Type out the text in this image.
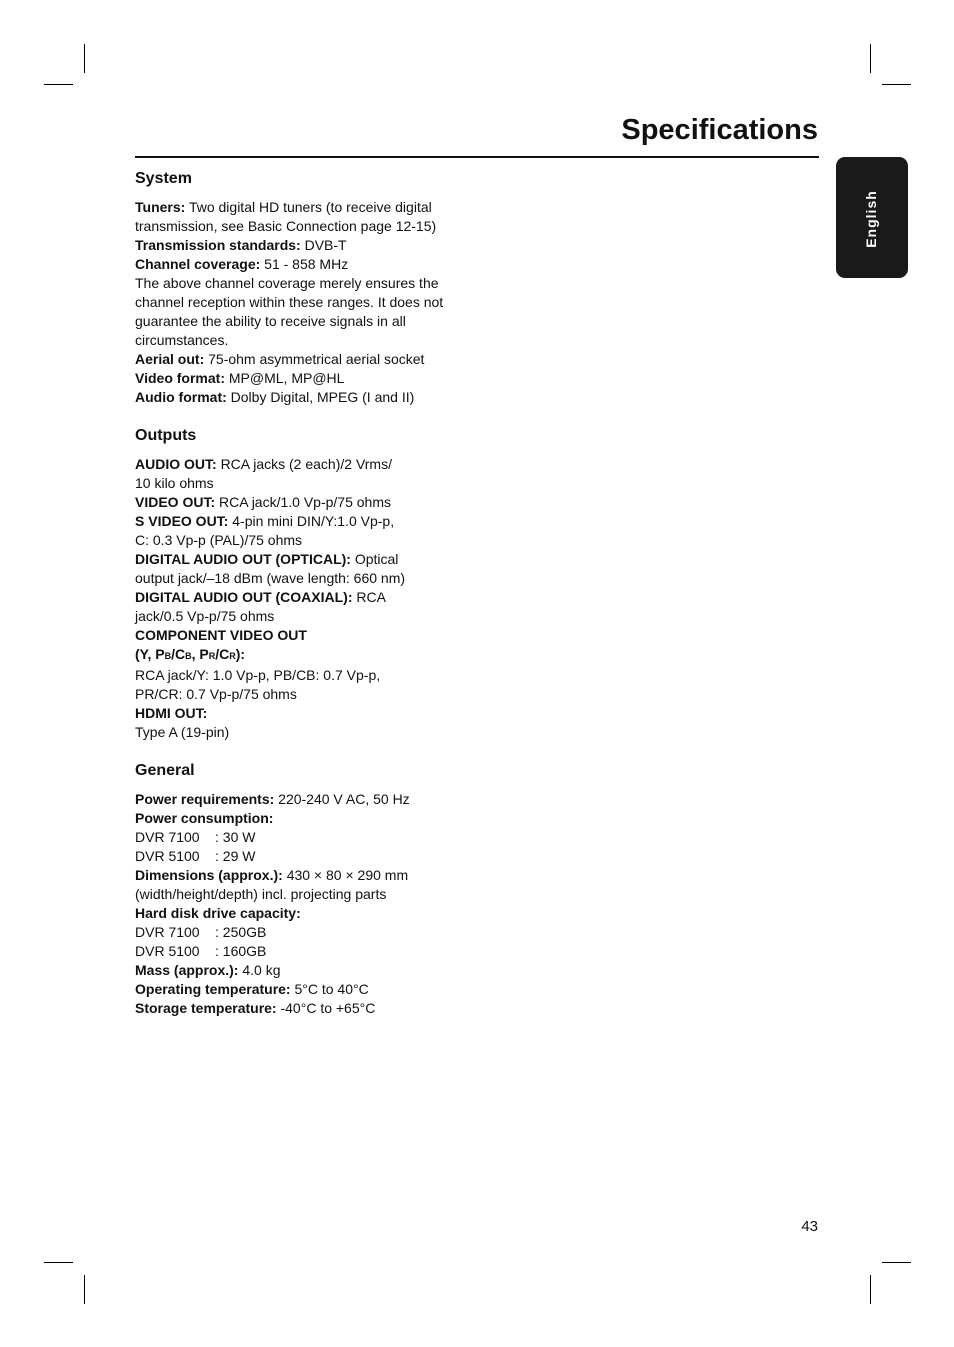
Specifications
English
System
Tuners: Two digital HD tuners (to receive digital
transmission, see Basic Connection page 12-15)
Transmission standards: DVB-T
Channel coverage: 51 - 858 MHz
The above channel coverage merely ensures the
channel reception within these ranges. It does not
guarantee the ability to receive signals in all
circumstances.
Aerial out: 75-ohm asymmetrical aerial socket
Video format: MP@ML, MP@HL
Audio format: Dolby Digital, MPEG (I and II)
Outputs
AUDIO OUT: RCA jacks (2 each)/2 Vrms/
10 kilo ohms
VIDEO OUT: RCA jack/1.0 Vp-p/75 ohms
S VIDEO OUT: 4-pin mini DIN/Y:1.0 Vp-p,
C: 0.3 Vp-p (PAL)/75 ohms
DIGITAL AUDIO OUT (OPTICAL): Optical
output jack/–18 dBm (wave length: 660 nm)
DIGITAL AUDIO OUT (COAXIAL): RCA
jack/0.5 Vp-p/75 ohms
COMPONENT VIDEO OUT
(Y, PB/CB, PR/CR):
RCA jack/Y: 1.0 Vp-p, PB/CB: 0.7 Vp-p,
PR/CR: 0.7 Vp-p/75 ohms
HDMI OUT:
Type A (19-pin)
General
Power requirements: 220-240 V AC, 50 Hz
Power consumption:
DVR 7100 : 30 W
DVR 5100 : 29 W
Dimensions (approx.): 430 × 80 × 290 mm
(width/height/depth) incl. projecting parts
Hard disk drive capacity:
DVR 7100 : 250GB
DVR 5100 : 160GB
Mass (approx.): 4.0 kg
Operating temperature: 5°C to 40°C
Storage temperature: -40°C to +65°C
43
